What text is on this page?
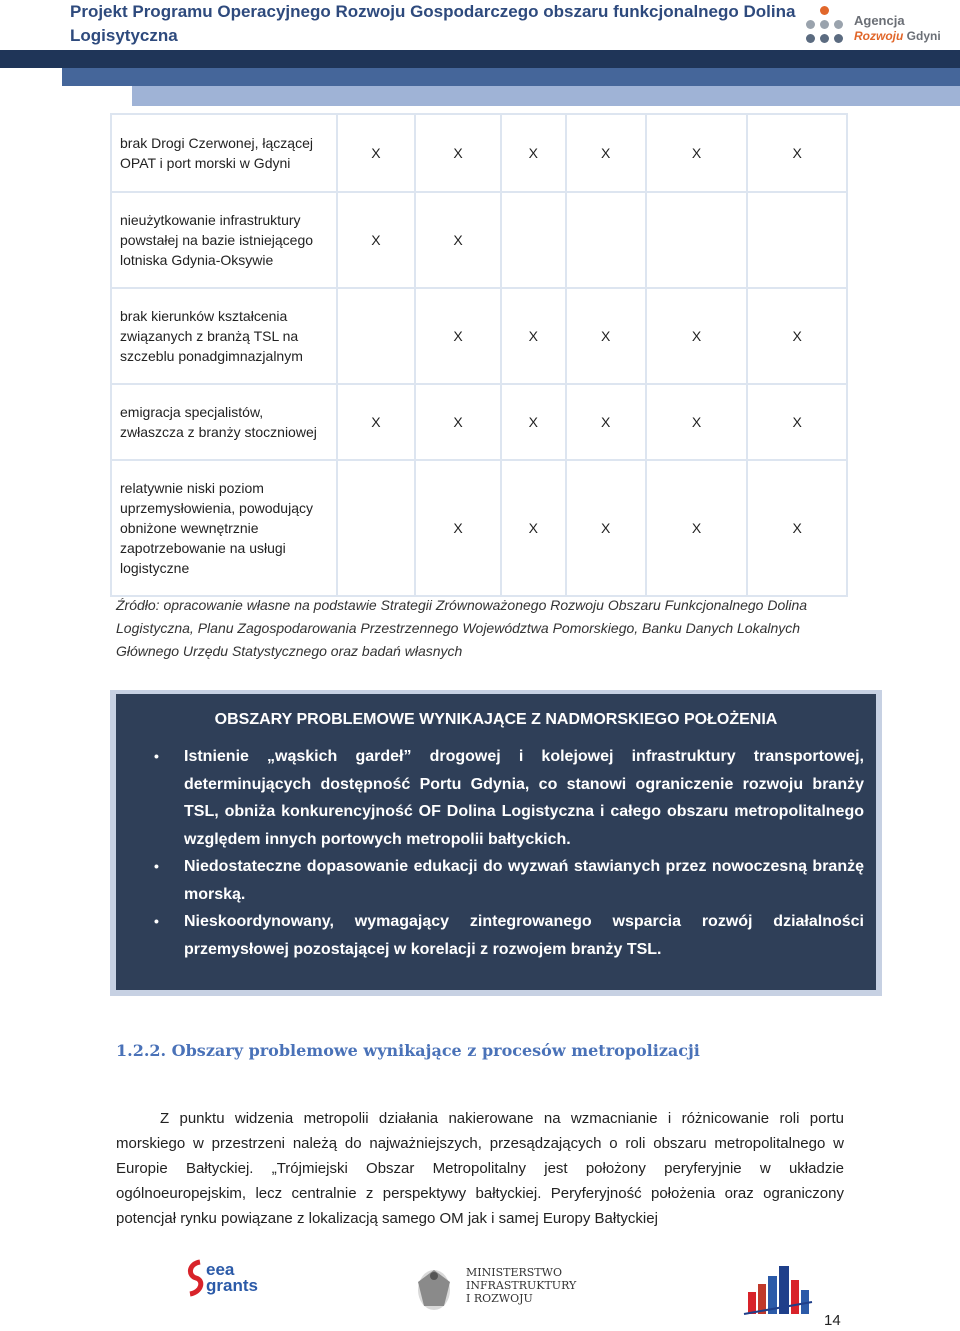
Projekt Programu Operacyjnego Rozwoju Gospodarczego obszaru funkcjonalnego Dolina Logisytyczna
Agencja
Rozwoju Gdyni
brak Drogi Czerwonej, łączącej OPAT i port morski w Gdyni	X	X	X	X	X	X
nieużytkowanie infrastruktury powstałej na bazie istniejącego lotniska Gdynia-Oksywie	X	X				
brak kierunków kształcenia związanych z branżą TSL na szczeblu ponadgimnazjalnym		X	X	X	X	X
emigracja specjalistów, zwłaszcza z branży stoczniowej	X	X	X	X	X	X
relatywnie niski poziom uprzemysłowienia, powodujący obniżone wewnętrznie zapotrzebowanie na usługi logistyczne		X	X	X	X	X
Źródło: opracowanie własne na podstawie Strategii Zrównoważonego Rozwoju Obszaru Funkcjonalnego Dolina Logistyczna, Planu Zagospodarowania Przestrzennego Województwa Pomorskiego, Banku Danych Lokalnych Głównego Urzędu Statystycznego oraz badań własnych
OBSZARY PROBLEMOWE WYNIKAJĄCE Z NADMORSKIEGO POŁOŻENIA
• Istnienie „wąskich gardeł” drogowej i kolejowej infrastruktury transportowej, determinujących dostępność Portu Gdynia, co stanowi ograniczenie rozwoju branży TSL, obniża konkurencyjność OF Dolina Logistyczna i całego obszaru metropolitalnego względem innych portowych metropolii bałtyckich.
• Niedostateczne dopasowanie edukacji do wyzwań stawianych przez nowoczesną branżę morską.
• Nieskoordynowany, wymagający zintegrowanego wsparcia rozwój działalności przemysłowej pozostającej w korelacji z rozwojem branży TSL.
1.2.2. Obszary problemowe wynikające z procesów metropolizacji
Z punktu widzenia metropolii działania nakierowane na wzmacnianie i różnicowanie roli portu morskiego w przestrzeni należą do najważniejszych, przesądzających o roli obszaru metropolitalnego w Europie Bałtyckiej. „Trójmiejski Obszar Metropolitalny jest położony peryferyjnie w układzie ogólnoeuropejskim, lecz centralnie z perspektywy bałtyckiej. Peryferyjność położenia oraz ograniczony potencjał rynku powiązane z lokalizacją samego OM jak i samej Europy Bałtyckiej
eea
grants
MINISTERSTWO
INFRASTRUKTURY
I ROZWOJU
14
